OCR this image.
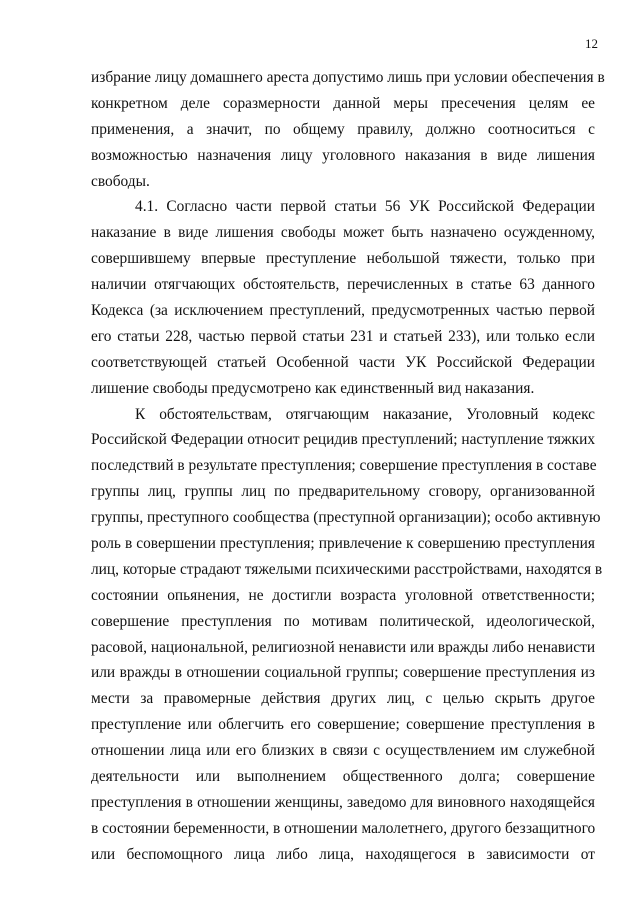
12
избрание лицу домашнего ареста допустимо лишь при условии обеспечения в
конкретном деле соразмерности данной меры пресечения целям ее
применения, а значит, по общему правилу, должно соотноситься с
возможностью назначения лицу уголовного наказания в виде лишения
свободы.
4.1. Согласно части первой статьи 56 УК Российской Федерации
наказание в виде лишения свободы может быть назначено осужденному,
совершившему впервые преступление небольшой тяжести, только при
наличии отягчающих обстоятельств, перечисленных в статье 63 данного
Кодекса (за исключением преступлений, предусмотренных частью первой
его статьи 228, частью первой статьи 231 и статьей 233), или только если
соответствующей статьей Особенной части УК Российской Федерации
лишение свободы предусмотрено как единственный вид наказания.
К обстоятельствам, отягчающим наказание, Уголовный кодекс
Российской Федерации относит рецидив преступлений; наступление тяжких
последствий в результате преступления; совершение преступления в составе
группы лиц, группы лиц по предварительному сговору, организованной
группы, преступного сообщества (преступной организации); особо активную
роль в совершении преступления; привлечение к совершению преступления
лиц, которые страдают тяжелыми психическими расстройствами, находятся в
состоянии опьянения, не достигли возраста уголовной ответственности;
совершение преступления по мотивам политической, идеологической,
расовой, национальной, религиозной ненависти или вражды либо ненависти
или вражды в отношении социальной группы; совершение преступления из
мести за правомерные действия других лиц, с целью скрыть другое
преступление или облегчить его совершение; совершение преступления в
отношении лица или его близких в связи с осуществлением им служебной
деятельности или выполнением общественного долга; совершение
преступления в отношении женщины, заведомо для виновного находящейся
в состоянии беременности, в отношении малолетнего, другого беззащитного
или беспомощного лица либо лица, находящегося в зависимости от
